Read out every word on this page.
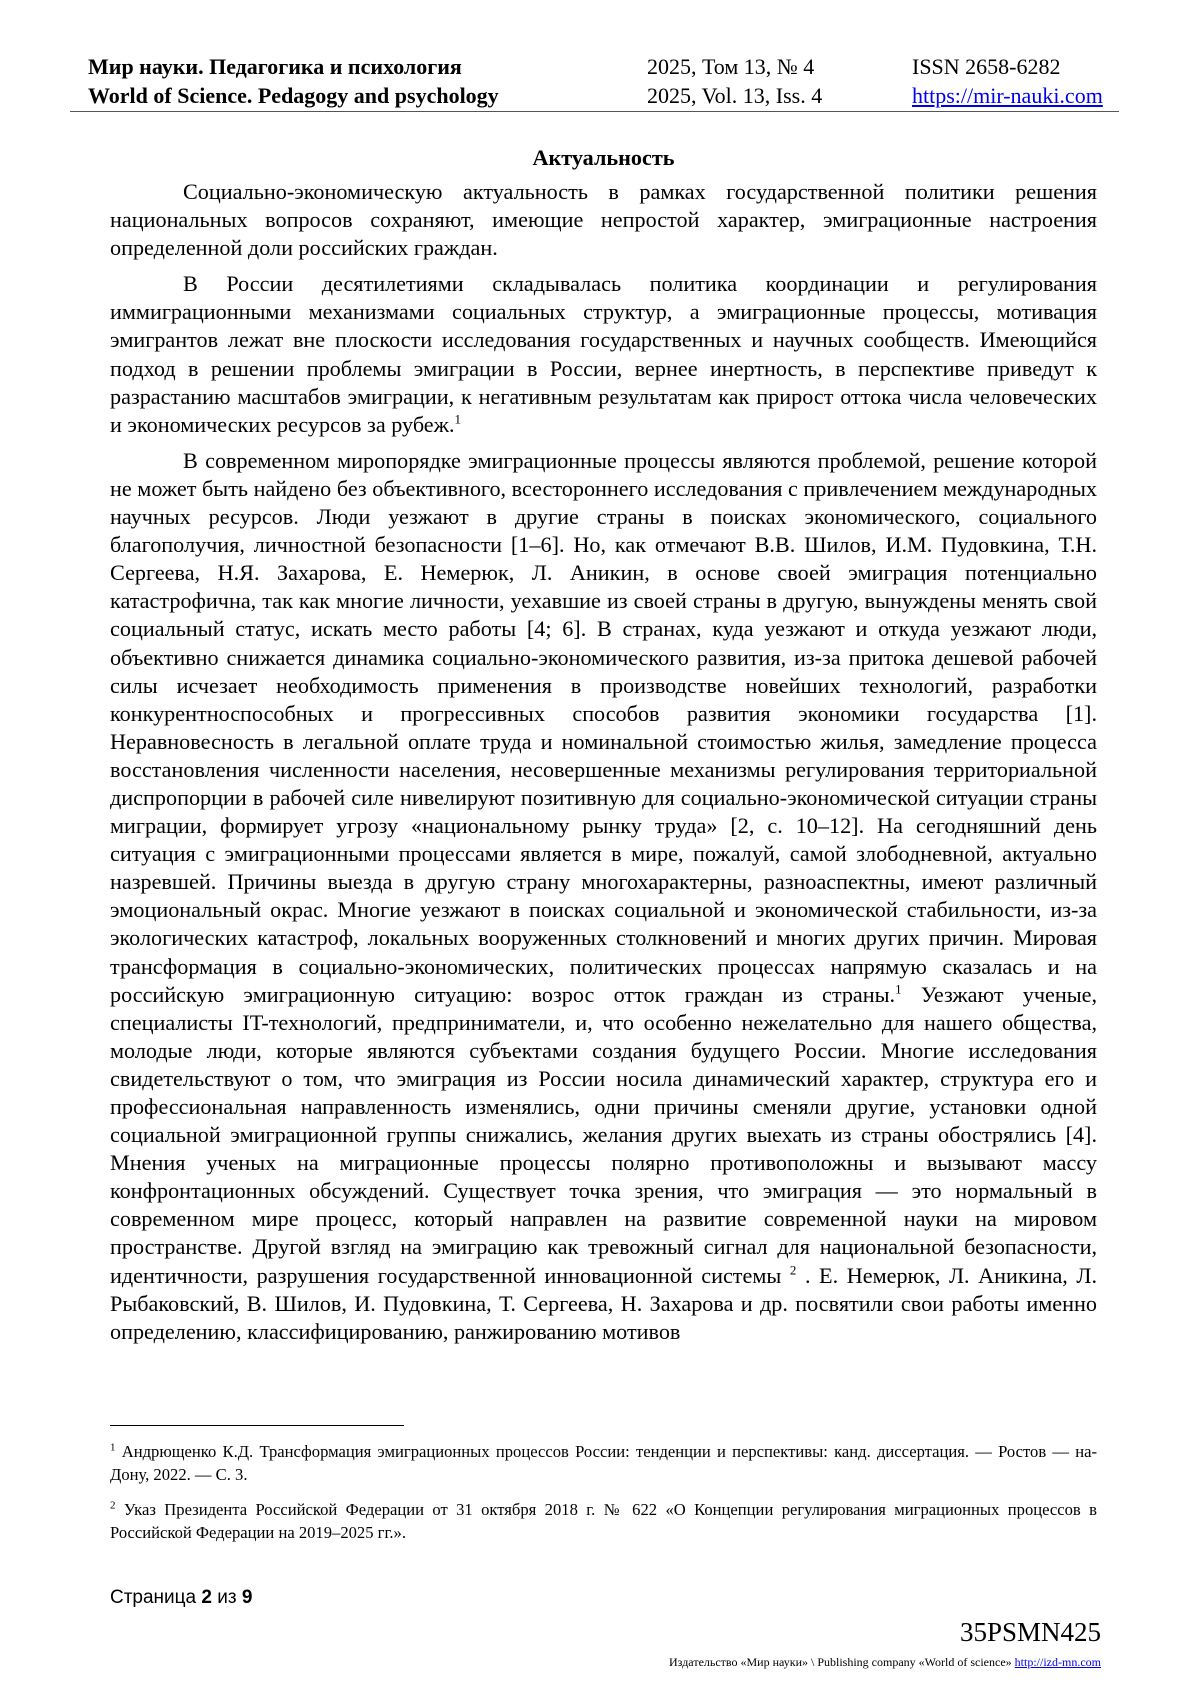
Мир науки. Педагогика и психология
World of Science. Pedagogy and psychology
2025, Том 13, № 4
2025, Vol. 13, Iss. 4
ISSN 2658-6282
https://mir-nauki.com
Актуальность

Социально-экономическую актуальность в рамках государственной политики решения национальных вопросов сохраняют, имеющие непростой характер, эмиграционные настроения определенной доли российских граждан.

В России десятилетиями складывалась политика координации и регулирования иммиграционными механизмами социальных структур, а эмиграционные процессы, мотивация эмигрантов лежат вне плоскости исследования государственных и научных сообществ. Имеющийся подход в решении проблемы эмиграции в России, вернее инертность, в перспективе приведут к разрастанию масштабов эмиграции, к негативным результатам как прирост оттока числа человеческих и экономических ресурсов за рубеж.$^1$

В современном миропорядке эмиграционные процессы являются проблемой, решение которой не может быть найдено без объективного, всестороннего исследования с привлечением международных научных ресурсов. Люди уезжают в другие страны в поисках экономического, социального благополучия, личностной безопасности [1–6]. Но, как отмечают В.В. Шилов, И.М. Пудовкина, Т.Н. Сергеева, Н.Я. Захарова, Е. Немерюк, Л. Аникин, в основе своей эмиграция потенциально катастрофична, так как многие личности, уехавшие из своей страны в другую, вынуждены менять свой социальный статус, искать место работы [4; 6]. В странах, куда уезжают и откуда уезжают люди, объективно снижается динамика социально-экономического развития, из-за притока дешевой рабочей силы исчезает необходимость применения в производстве новейших технологий, разработки конкурентноспособных и прогрессивных способов развития экономики государства [1]. Неравновесность в легальной оплате труда и номинальной стоимостью жилья, замедление процесса восстановления численности населения, несовершенные механизмы регулирования территориальной диспропорции в рабочей силе нивелируют позитивную для социально-экономической ситуации страны миграции, формирует угрозу «национальному рынку труда» [2, с. 10–12]. На сегодняшний день ситуация с эмиграционными процессами является в мире, пожалуй, самой злободневной, актуально назревшей. Причины выезда в другую страну многохарактерны, разноаспектны, имеют различный эмоциональный окрас. Многие уезжают в поисках социальной и экономической стабильности, из-за экологических катастроф, локальных вооруженных столкновений и многих других причин. Мировая трансформация в социально-экономических, политических процессах напрямую сказалась и на российскую эмиграционную ситуацию: возрос отток граждан из страны.$^1$ Уезжают ученые, специалисты IT-технологий, предприниматели, и, что особенно нежелательно для нашего общества, молодые люди, которые являются субъектами создания будущего России. Многие исследования свидетельствуют о том, что эмиграция из России носила динамический характер, структура его и профессиональная направленность изменялись, одни причины сменяли другие, установки одной социальной эмиграционной группы снижались, желания других выехать из страны обострялись [4]. Мнения ученых на миграционные процессы полярно противоположны и вызывают массу конфронтационных обсуждений. Существует точка зрения, что эмиграция — это нормальный в современном мире процесс, который направлен на развитие современной науки на мировом пространстве. Другой взгляд на эмиграцию как тревожный сигнал для национальной безопасности, идентичности, разрушения государственной инновационной системы $^2$ . Е. Немерюк, Л. Аникина, Л. Рыбаковский, В. Шилов, И. Пудовкина, Т. Сергеева, Н. Захарова и др. посвятили свои работы именно определению, классифицированию, ранжированию мотивов

$^1$ Андрющенко К.Д. Трансформация эмиграционных процессов России: тенденции и перспективы: канд. диссертация. — Ростов — на-Дону, 2022. — С. 3.

$^2$ Указ Президента Российской Федерации от 31 октября 2018 г. № 622 «О Концепции регулирования миграционных процессов в Российской Федерации на 2019–2025 гг.».

Страница 2 из 9
35PSMN425
Издательство «Мир науки» \ Publishing company «World of science» http://izd-mn.com
